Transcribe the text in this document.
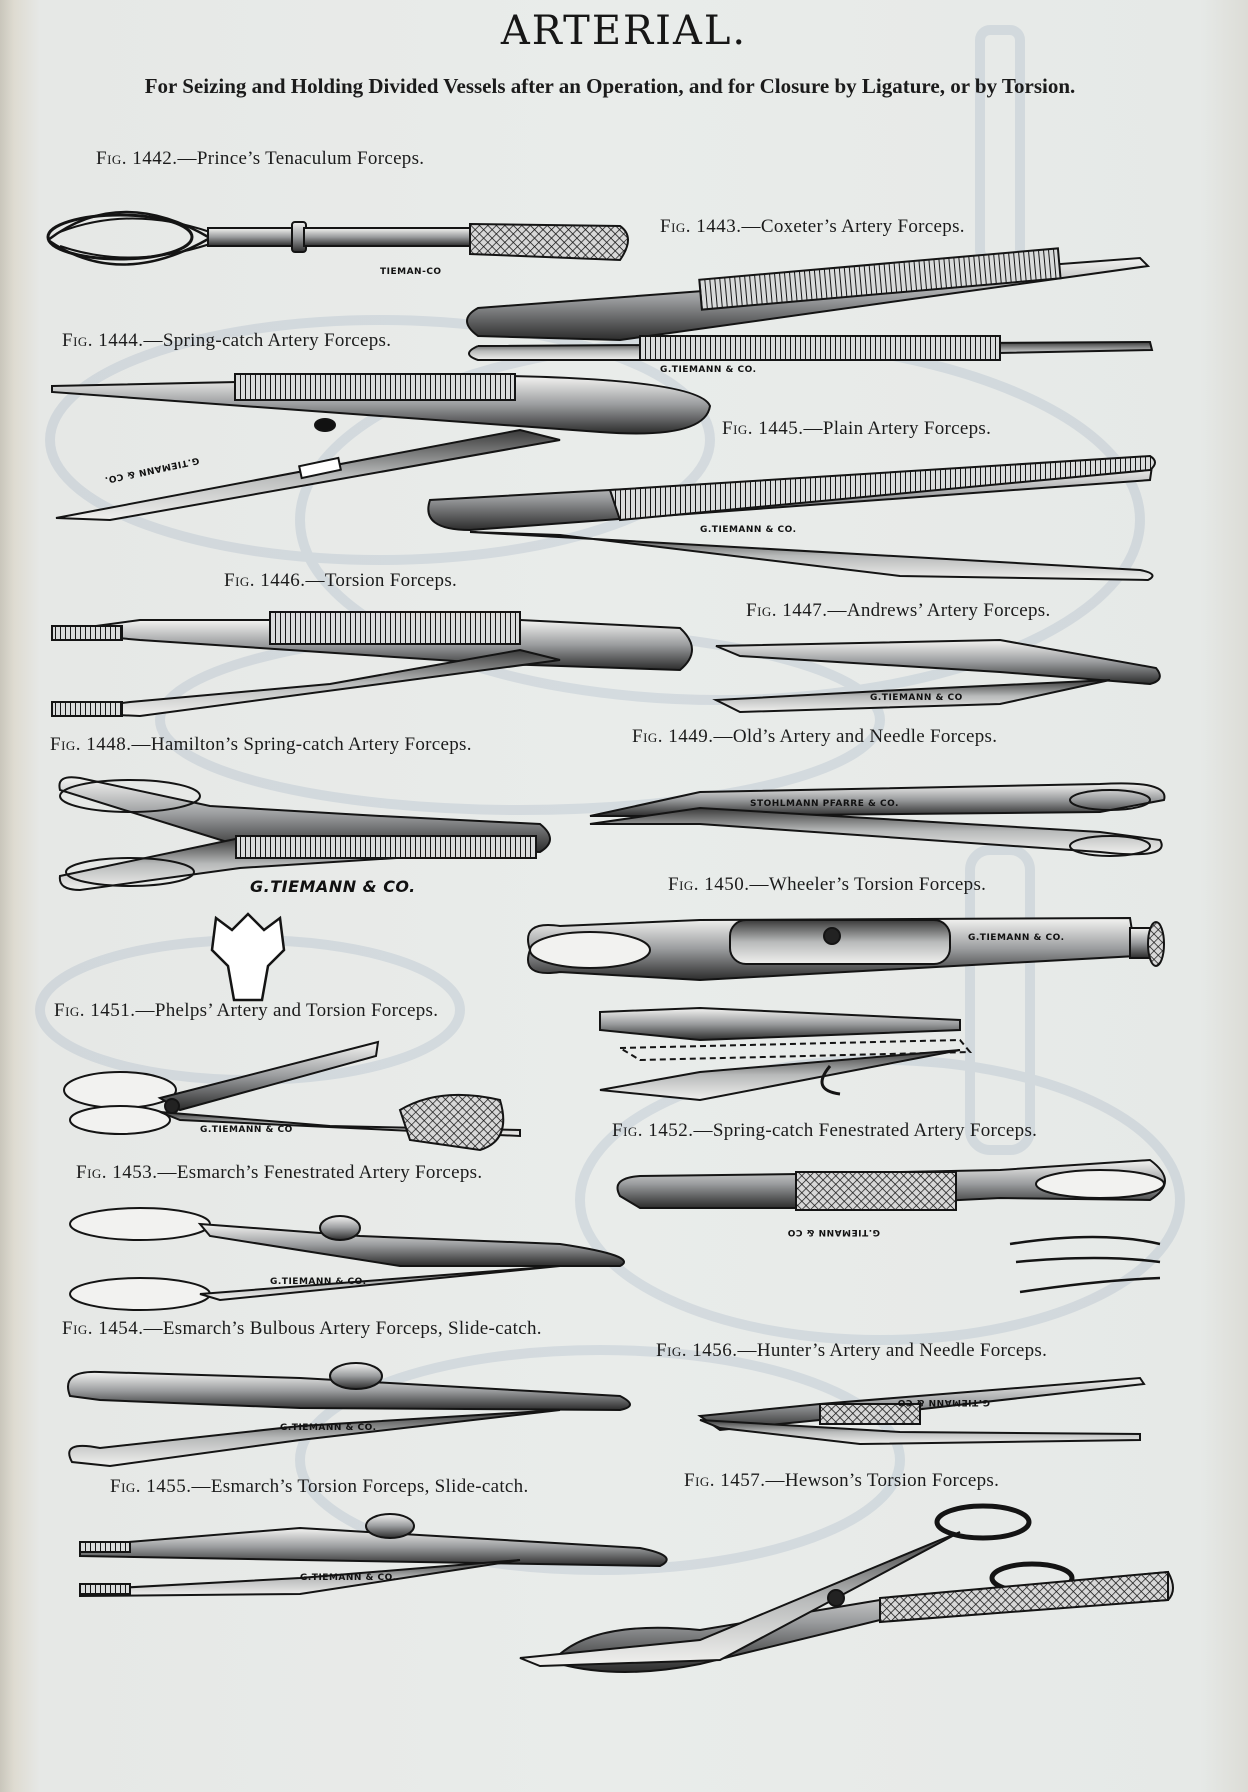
ARTERIAL.
For Seizing and Holding Divided Vessels after an Operation, and for Closure by Ligature, or by Torsion.
Fig. 1442.—Prince’s Tenaculum Forceps.
Fig. 1443.—Coxeter’s Artery Forceps.
Fig. 1444.—Spring-catch Artery Forceps.
Fig. 1445.—Plain Artery Forceps.
Fig. 1446.—Torsion Forceps.
Fig. 1447.—Andrews’ Artery Forceps.
Fig. 1448.—Hamilton’s Spring-catch Artery Forceps.	Fig. 1449.—Old’s Artery and Needle Forceps.
Fig. 1450.—Wheeler’s Torsion Forceps.
Fig. 1451.—Phelps’ Artery and Torsion Forceps.
Fig. 1452.—Spring-catch Fenestrated Artery Forceps.
Fig. 1453.—Esmarch’s Fenestrated Artery Forceps.
Fig. 1454.—Esmarch’s Bulbous Artery Forceps, Slide-catch.
Fig. 1455.—Esmarch’s Torsion Forceps, Slide-catch.
Fig. 1456.—Hunter’s Artery and Needle Forceps.
Fig. 1457.—Hewson’s Torsion Forceps.
TIEMAN-CO
G.TIEMANN & CO.
G.TIEMANN & CO.
G.TIEMANN & CO.
G.TIEMANN & CO
G.TIEMANN & CO.
STOHLMANN PFARRE & CO.
G.TIEMANN & CO.
G.TIEMANN & CO
G.TIEMANN & CO
G.TIEMANN & CO.
G.TIEMANN & CO.
G.TIEMANN & CO.
G.TIEMANN & CO
